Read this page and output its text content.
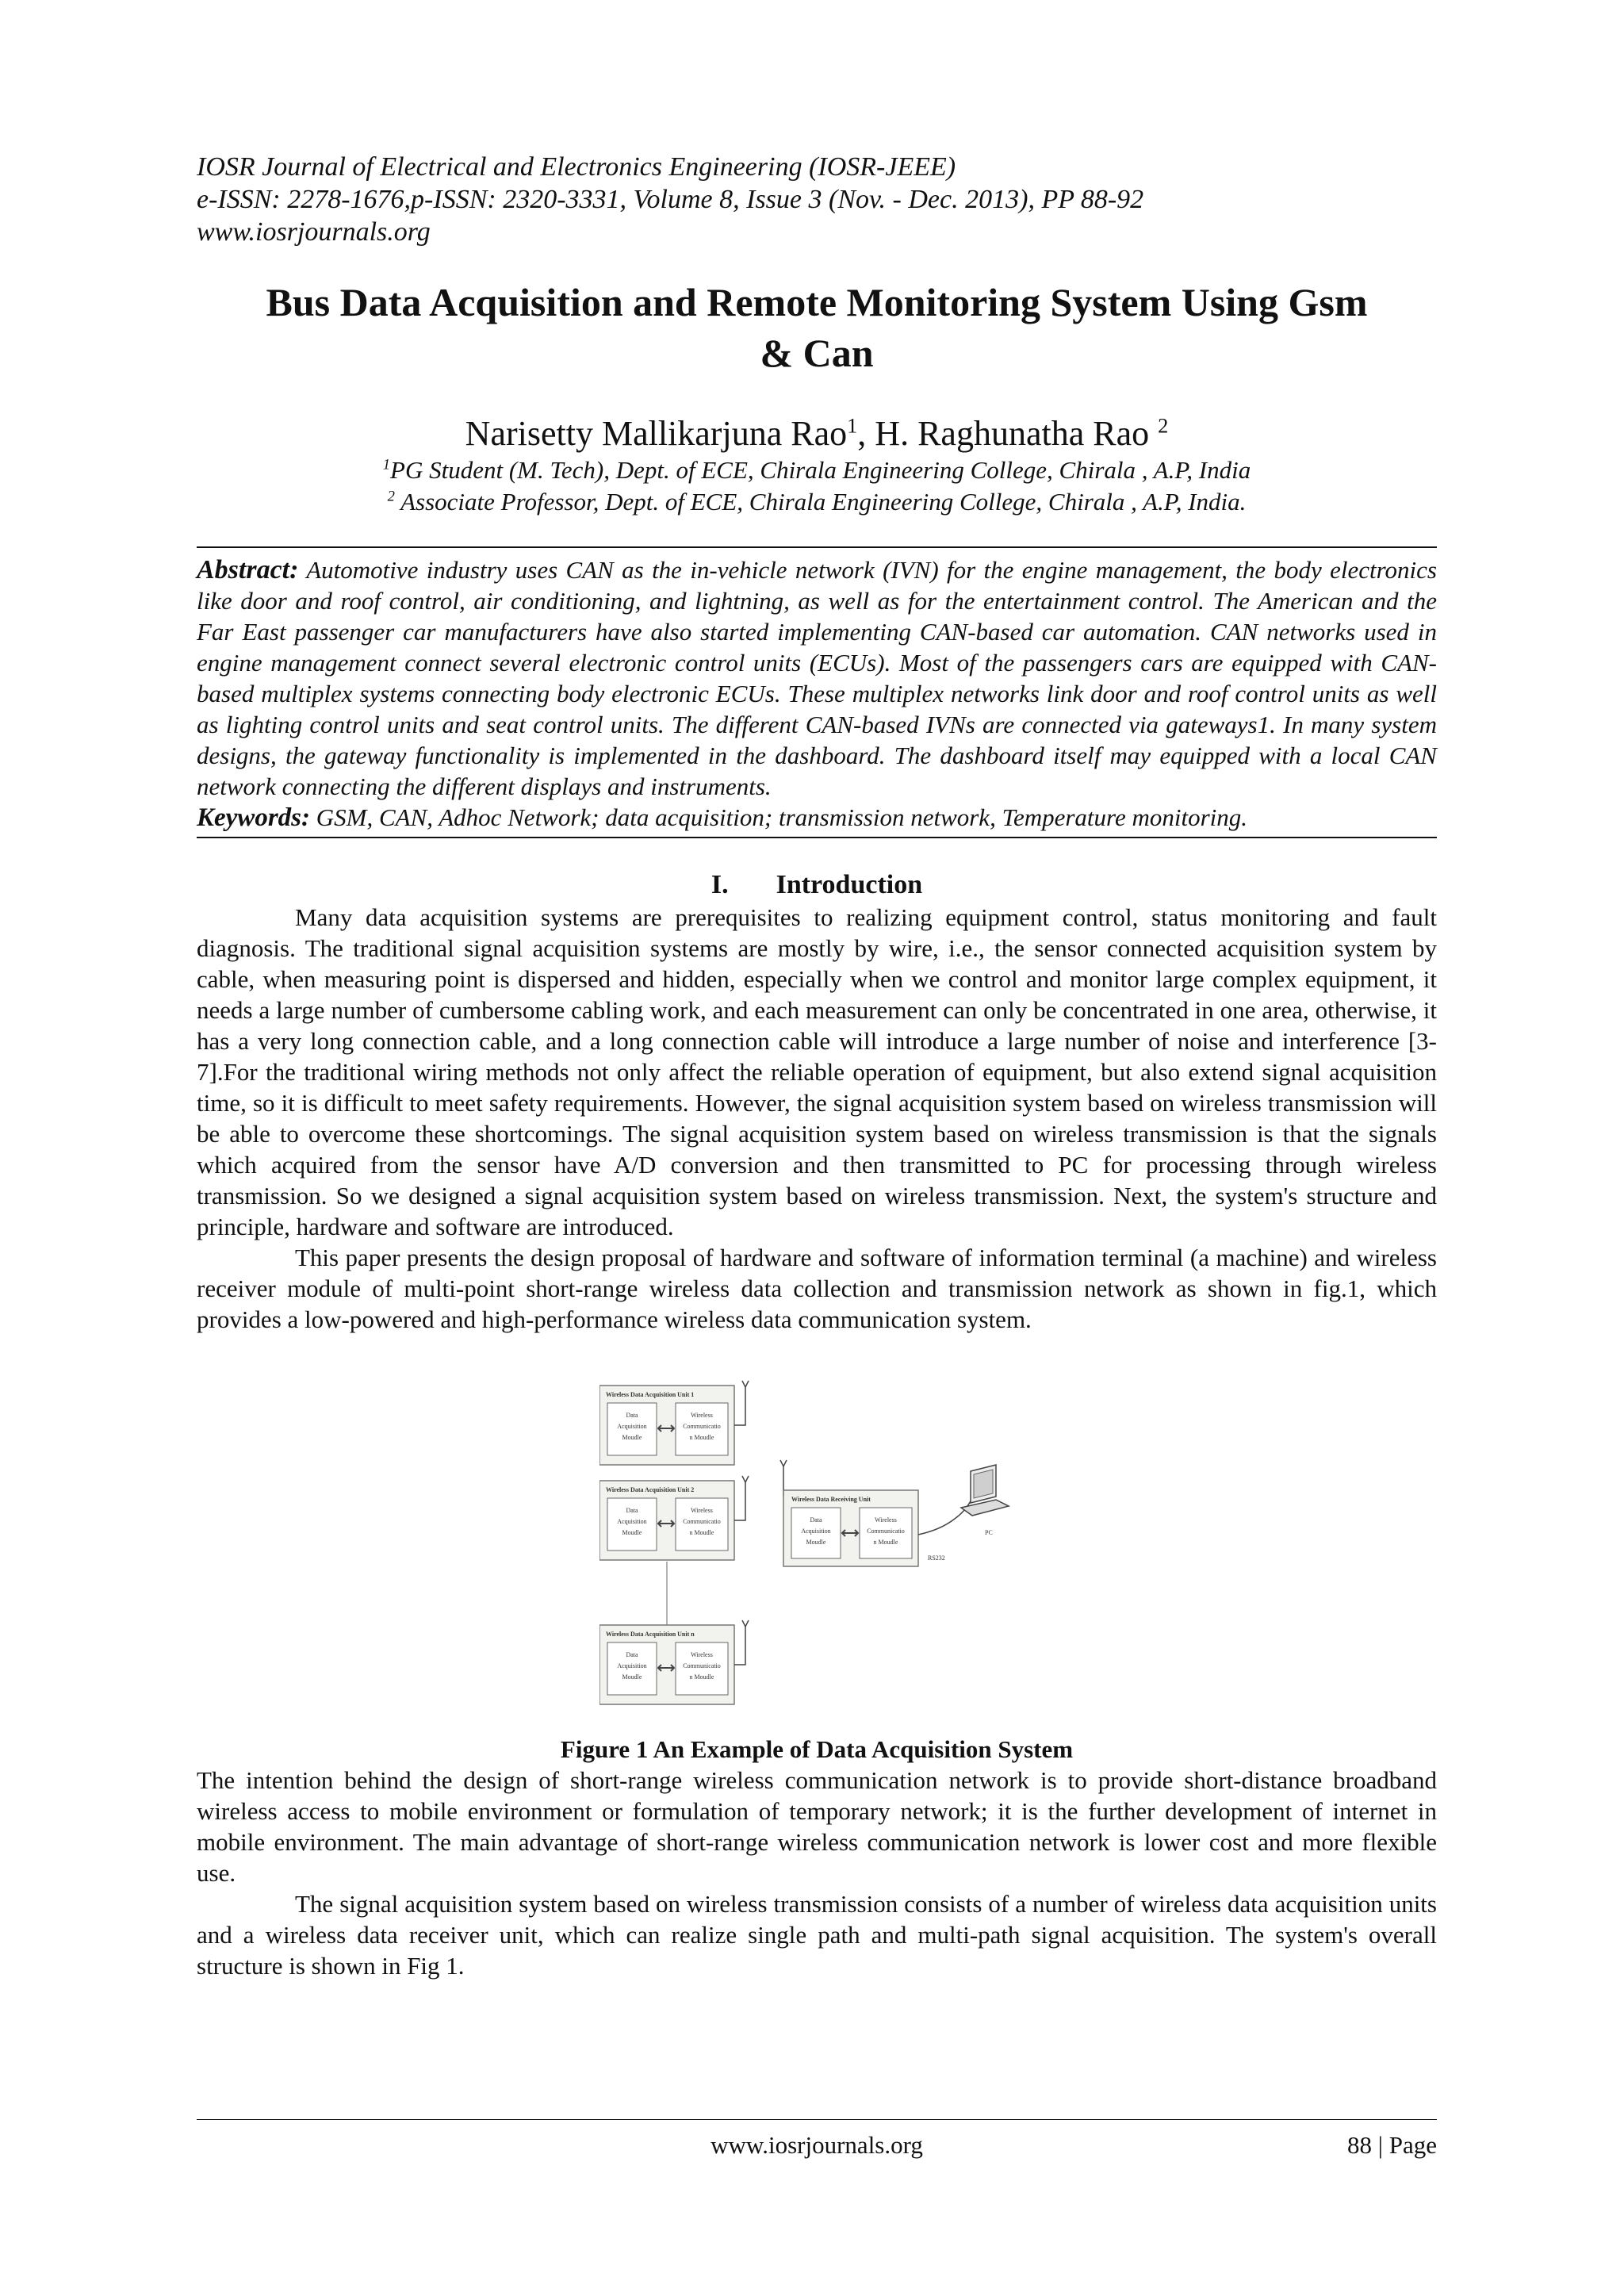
IOSR Journal of Electrical and Electronics Engineering (IOSR-JEEE)
e-ISSN: 2278-1676,p-ISSN: 2320-3331, Volume 8, Issue 3 (Nov. - Dec. 2013), PP 88-92
www.iosrjournals.org
Bus Data Acquisition and Remote Monitoring System Using Gsm
& Can
Narisetty Mallikarjuna Rao$^1$, H. Raghunatha Rao $^2$
$^1$PG Student (M. Tech), Dept. of ECE, Chirala Engineering College, Chirala , A.P, India
$^2$ Associate Professor, Dept. of ECE, Chirala Engineering College, Chirala , A.P, India.
Abstract: Automotive industry uses CAN as the in-vehicle network (IVN) for the engine management, the body electronics like door and roof control, air conditioning, and lightning, as well as for the entertainment control. The American and the Far East passenger car manufacturers have also started implementing CAN-based car automation. CAN networks used in engine management connect several electronic control units (ECUs). Most of the passengers cars are equipped with CAN-based multiplex systems connecting body electronic ECUs. These multiplex networks link door and roof control units as well as lighting control units and seat control units. The different CAN-based IVNs are connected via gateways1. In many system designs, the gateway functionality is implemented in the dashboard. The dashboard itself may equipped with a local CAN network connecting the different displays and instruments.
Keywords: GSM, CAN, Adhoc Network; data acquisition; transmission network, Temperature monitoring.
I. Introduction

Many data acquisition systems are prerequisites to realizing equipment control, status monitoring and fault diagnosis. The traditional signal acquisition systems are mostly by wire, i.e., the sensor connected acquisition system by cable, when measuring point is dispersed and hidden, especially when we control and monitor large complex equipment, it needs a large number of cumbersome cabling work, and each measurement can only be concentrated in one area, otherwise, it has a very long connection cable, and a long connection cable will introduce a large number of noise and interference [3-7].For the traditional wiring methods not only affect the reliable operation of equipment, but also extend signal acquisition time, so it is difficult to meet safety requirements. However, the signal acquisition system based on wireless transmission will be able to overcome these shortcomings. The signal acquisition system based on wireless transmission is that the signals which acquired from the sensor have A/D conversion and then transmitted to PC for processing through wireless transmission. So we designed a signal acquisition system based on wireless transmission. Next, the system's structure and principle, hardware and software are introduced.

This paper presents the design proposal of hardware and software of information terminal (a machine) and wireless receiver module of multi-point short-range wireless data collection and transmission network as shown in fig.1, which provides a low-powered and high-performance wireless data communication system.

Wireless Data Acquisition Unit 1
Data
Acquisition
Moudle
Wireless
Communicatio
n Moudle
Wireless Data Acquisition Unit 2
Data
Acquisition
Moudle
Wireless
Communicatio
n Moudle
Wireless Data Acquisition Unit n
Data
Acquisition
Moudle
Wireless
Communicatio
n Moudle
Wireless Data Receiving Unit
Data
Acquisition
Moudle
Wireless
Communicatio
n Moudle
RS232
PC
Figure 1 An Example of Data Acquisition System

The intention behind the design of short-range wireless communication network is to provide short-distance broadband wireless access to mobile environment or formulation of temporary network; it is the further development of internet in mobile environment. The main advantage of short-range wireless communication network is lower cost and more flexible use.

The signal acquisition system based on wireless transmission consists of a number of wireless data acquisition units and a wireless data receiver unit, which can realize single path and multi-path signal acquisition. The system's overall structure is shown in Fig 1.

www.iosrjournals.org	88 | Page
